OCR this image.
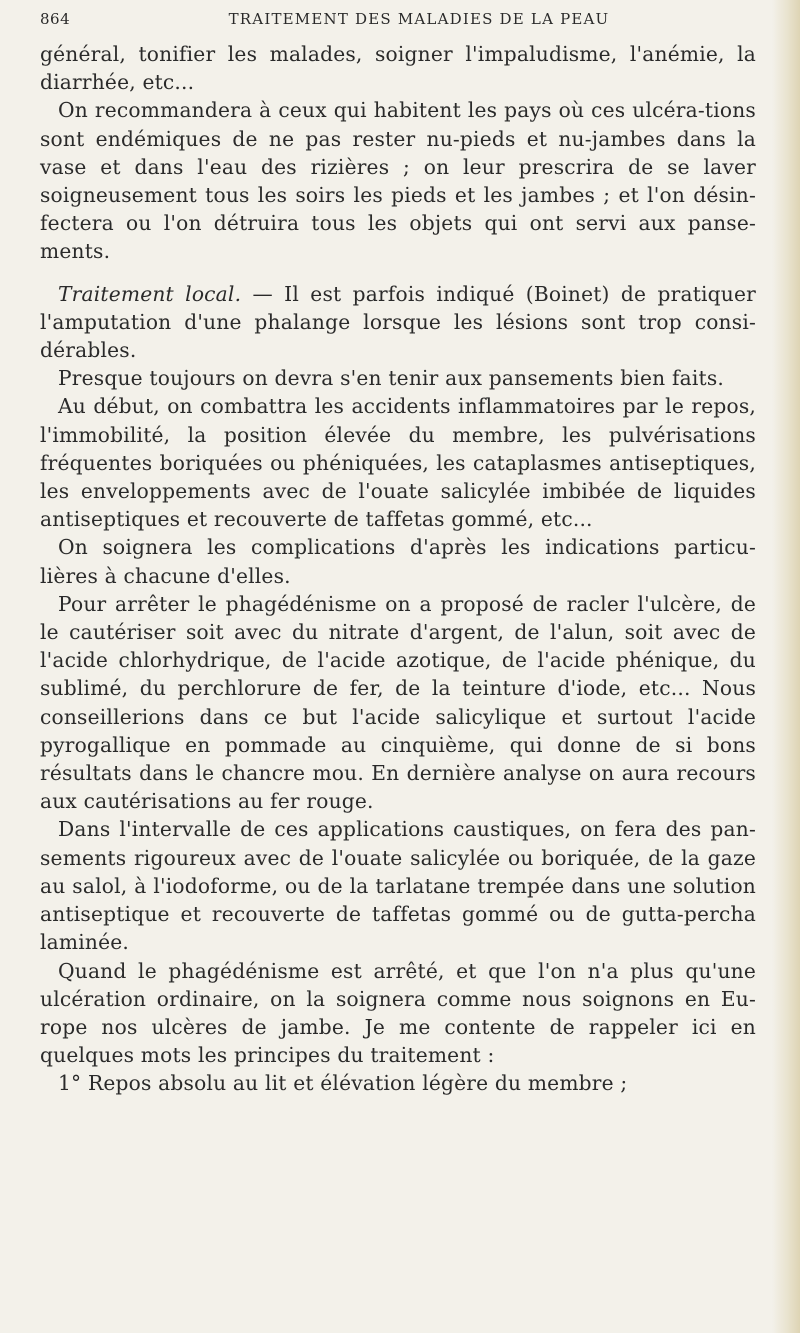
864	TRAITEMENT DES MALADIES DE LA PEAU

général, tonifier les malades, soigner l'impaludisme, l'anémie, la diarrhée, etc...

On recommandera à ceux qui habitent les pays où ces ulcéra-tions sont endémiques de ne pas rester nu-pieds et nu-jambes dans la vase et dans l'eau des rizières ; on leur prescrira de se laver soigneusement tous les soirs les pieds et les jambes ; et l'on désin-fectera ou l'on détruira tous les objets qui ont servi aux panse-ments.

Traitement local. — Il est parfois indiqué (Boinet) de pratiquer l'amputation d'une phalange lorsque les lésions sont trop consi-dérables.

Presque toujours on devra s'en tenir aux pansements bien faits.

Au début, on combattra les accidents inflammatoires par le repos, l'immobilité, la position élevée du membre, les pulvérisations fréquentes boriquées ou phéniquées, les cataplasmes antiseptiques, les enveloppements avec de l'ouate salicylée imbibée de liquides antiseptiques et recouverte de taffetas gommé, etc...

On soignera les complications d'après les indications particu-lières à chacune d'elles.

Pour arrêter le phagédénisme on a proposé de racler l'ulcère, de le cautériser soit avec du nitrate d'argent, de l'alun, soit avec de l'acide chlorhydrique, de l'acide azotique, de l'acide phénique, du sublimé, du perchlorure de fer, de la teinture d'iode, etc... Nous conseillerions dans ce but l'acide salicylique et surtout l'acide pyrogallique en pommade au cinquième, qui donne de si bons résultats dans le chancre mou. En dernière analyse on aura recours aux cautérisations au fer rouge.

Dans l'intervalle de ces applications caustiques, on fera des pan-sements rigoureux avec de l'ouate salicylée ou boriquée, de la gaze au salol, à l'iodoforme, ou de la tarlatane trempée dans une solution antiseptique et recouverte de taffetas gommé ou de gutta-percha laminée.

Quand le phagédénisme est arrêté, et que l'on n'a plus qu'une ulcération ordinaire, on la soignera comme nous soignons en Eu-rope nos ulcères de jambe. Je me contente de rappeler ici en quelques mots les principes du traitement :

1° Repos absolu au lit et élévation légère du membre ;
